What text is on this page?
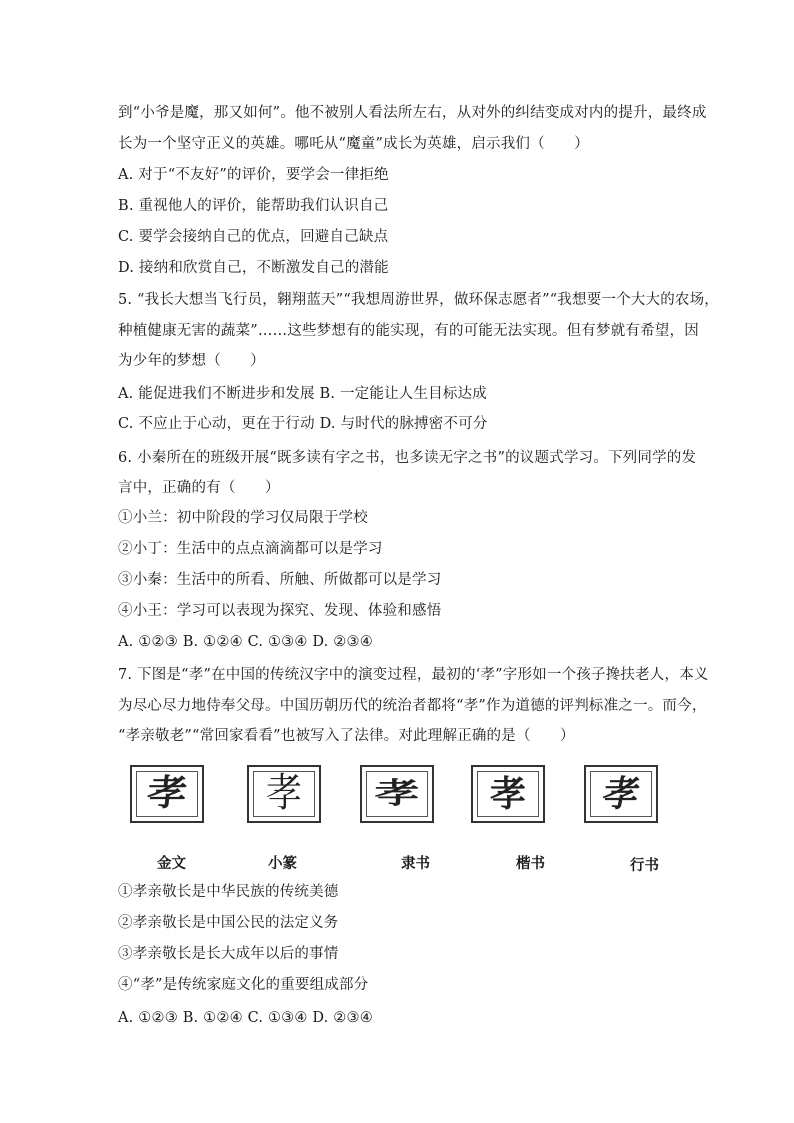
到“小爷是魔，那又如何”。他不被别人看法所左右，从对外的纠结变成对内的提升，最终成
长为一个坚守正义的英雄。哪吒从“魔童”成长为英雄，启示我们（　　）
A. 对于“不友好”的评价，要学会一律拒绝
B. 重视他人的评价，能帮助我们认识自己
C. 要学会接纳自己的优点，回避自己缺点
D. 接纳和欣赏自己，不断激发自己的潜能
5. “我长大想当飞行员，翱翔蓝天”“我想周游世界，做环保志愿者”“我想要一个大大的农场，
种植健康无害的蔬菜”……这些梦想有的能实现，有的可能无法实现。但有梦就有希望，因
为少年的梦想（　　）
A. 能促进我们不断进步和发展 B. 一定能让人生目标达成
C. 不应止于心动，更在于行动 D. 与时代的脉搏密不可分
6. 小秦所在的班级开展“既多读有字之书，也多读无字之书”的议题式学习。下列同学的发
言中，正确的有（　　）
①小兰：初中阶段的学习仅局限于学校
②小丁：生活中的点点滴滴都可以是学习
③小秦：生活中的所看、所触、所做都可以是学习
④小王：学习可以表现为探究、发现、体验和感悟
A. ①②③ B. ①②④ C. ①③④ D. ②③④
7. 下图是“孝”在中国的传统汉字中的演变过程，最初的‘孝”字形如一个孩子搀扶老人，本义
为尽心尽力地侍奉父母。中国历朝历代的统治者都将“孝”作为道德的评判标准之一。而今，
“孝亲敬老”“常回家看看”也被写入了法律。对此理解正确的是（　　）
①孝亲敬长是中华民族的传统美德
②孝亲敬长是中国公民的法定义务
③孝亲敬长是长大成年以后的事情
④“孝”是传统家庭文化的重要组成部分
A. ①②③ B. ①②④ C. ①③④ D. ②③④
孝 孝 孝 孝 孝
金文	小篆	隶书	楷书	行书
